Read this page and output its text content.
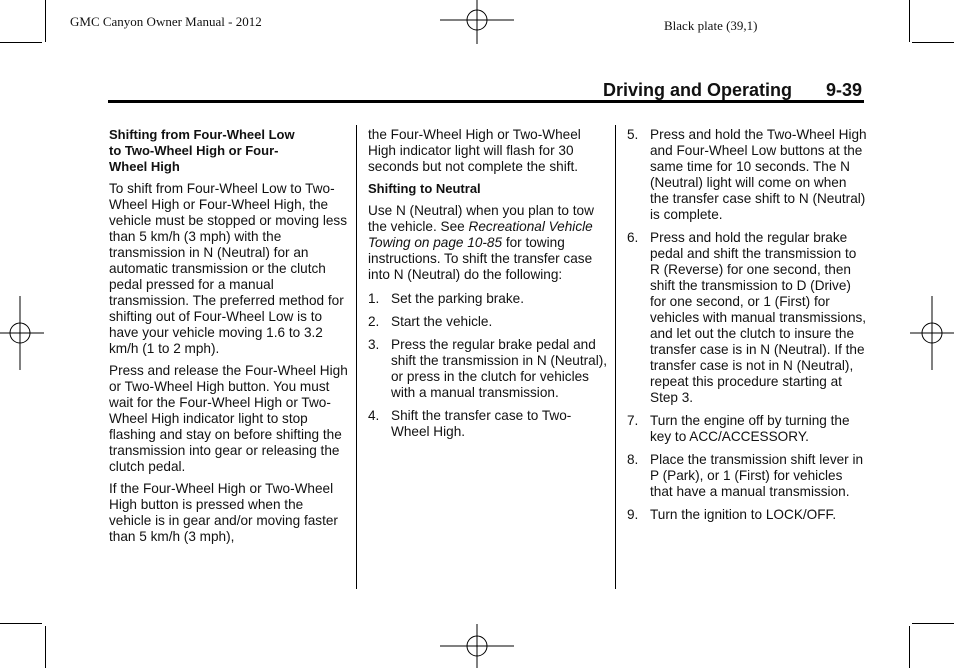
GMC Canyon Owner Manual - 2012	Black plate (39,1)
Driving and Operating 9-39
Shifting from Four-Wheel Low to Two-Wheel High or Four-Wheel High

To shift from Four-Wheel Low to Two-Wheel High or Four-Wheel High, the vehicle must be stopped or moving less than 5 km/h (3 mph) with the transmission in N (Neutral) for an automatic transmission or the clutch pedal pressed for a manual transmission. The preferred method for shifting out of Four-Wheel Low is to have your vehicle moving 1.6 to 3.2 km/h (1 to 2 mph).

Press and release the Four-Wheel High or Two-Wheel High button. You must wait for the Four-Wheel High or Two-Wheel High indicator light to stop flashing and stay on before shifting the transmission into gear or releasing the clutch pedal.

If the Four-Wheel High or Two-Wheel High button is pressed when the vehicle is in gear and/or moving faster than 5 km/h (3 mph),

the Four-Wheel High or Two-Wheel High indicator light will flash for 30 seconds but not complete the shift.

Shifting to Neutral

Use N (Neutral) when you plan to tow the vehicle. See Recreational Vehicle Towing on page 10-85 for towing instructions. To shift the transfer case into N (Neutral) do the following:

1. Set the parking brake.
2. Start the vehicle.
3. Press the regular brake pedal and shift the transmission in N (Neutral), or press in the clutch for vehicles with a manual transmission.
4. Shift the transfer case to Two-Wheel High.
5. Press and hold the Two-Wheel High and Four-Wheel Low buttons at the same time for 10 seconds. The N (Neutral) light will come on when the transfer case shift to N (Neutral) is complete.
6. Press and hold the regular brake pedal and shift the transmission to R (Reverse) for one second, then shift the transmission to D (Drive) for one second, or 1 (First) for vehicles with manual transmissions, and let out the clutch to insure the transfer case is in N (Neutral). If the transfer case is not in N (Neutral), repeat this procedure starting at Step 3.
7. Turn the engine off by turning the key to ACC/ACCESSORY.
8. Place the transmission shift lever in P (Park), or 1 (First) for vehicles that have a manual transmission.
9. Turn the ignition to LOCK/OFF.
